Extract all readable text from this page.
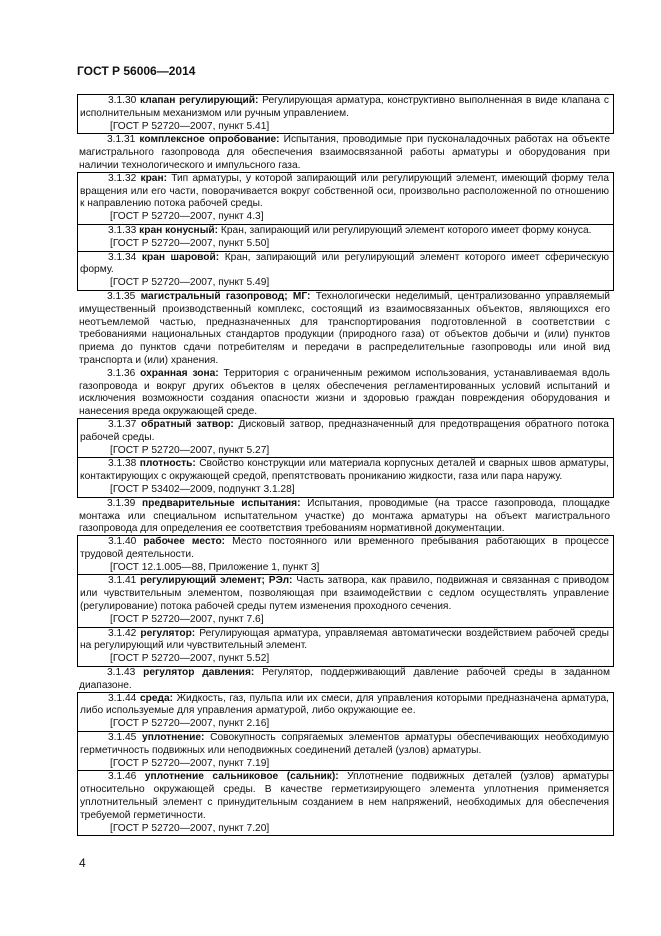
ГОСТ Р 56006—2014

3.1.30 клапан регулирующий: Регулирующая арматура, конструктивно выполненная в виде клапана с исполнительным механизмом или ручным управлением.

[ГОСТ Р 52720—2007, пункт 5.41]

3.1.31 комплексное опробование: Испытания, проводимые при пусконаладочных работах на объекте магистрального газопровода для обеспечения взаимосвязанной работы арматуры и оборудования при наличии технологического и импульсного газа.

3.1.32 кран: Тип арматуры, у которой запирающий или регулирующий элемент, имеющий форму тела вращения или его части, поворачивается вокруг собственной оси, произвольно расположенной по отношению к направлению потока рабочей среды.

[ГОСТ Р 52720—2007, пункт 4.3]

3.1.33 кран конусный: Кран, запирающий или регулирующий элемент которого имеет форму конуса.

[ГОСТ Р 52720—2007, пункт 5.50]

3.1.34 кран шаровой: Кран, запирающий или регулирующий элемент которого имеет сферическую форму.

[ГОСТ Р 52720—2007, пункт 5.49]

3.1.35 магистральный газопровод; МГ: Технологически неделимый, централизованно управляемый имущественный производственный комплекс, состоящий из взаимосвязанных объектов, являющихся его неотъемлемой частью, предназначенных для транспортирования подготовленной в соответствии с требованиями национальных стандартов продукции (природного газа) от объектов добычи и (или) пунктов приема до пунктов сдачи потребителям и передачи в распределительные газопроводы или иной вид транспорта и (или) хранения.

3.1.36 охранная зона: Территория с ограниченным режимом использования, устанавливаемая вдоль газопровода и вокруг других объектов в целях обеспечения регламентированных условий испытаний и исключения возможности создания опасности жизни и здоровью граждан повреждения оборудования и нанесения вреда окружающей среде.

3.1.37 обратный затвор: Дисковый затвор, предназначенный для предотвращения обратного потока рабочей среды.

[ГОСТ Р 52720—2007, пункт 5.27]

3.1.38 плотность: Свойство конструкции или материала корпусных деталей и сварных швов арматуры, контактирующих с окружающей средой, препятствовать прониканию жидкости, газа или пара наружу.

[ГОСТ Р 53402—2009, подпункт 3.1.28]

3.1.39 предварительные испытания: Испытания, проводимые (на трассе газопровода, площадке монтажа или специальном испытательном участке) до монтажа арматуры на объект магистрального газопровода для определения ее соответствия требованиям нормативной документации.

3.1.40 рабочее место: Место постоянного или временного пребывания работающих в процессе трудовой деятельности.

[ГОСТ 12.1.005—88, Приложение 1, пункт 3]

3.1.41 регулирующий элемент; РЭл: Часть затвора, как правило, подвижная и связанная с приводом или чувствительным элементом, позволяющая при взаимодействии с седлом осуществлять управление (регулирование) потока рабочей среды путем изменения проходного сечения.

[ГОСТ Р 52720—2007, пункт 7.6]

3.1.42 регулятор: Регулирующая арматура, управляемая автоматически воздействием рабочей среды на регулирующий или чувствительный элемент.

[ГОСТ Р 52720—2007, пункт 5.52]

3.1.43 регулятор давления: Регулятор, поддерживающий давление рабочей среды в заданном диапазоне.

3.1.44 среда: Жидкость, газ, пульпа или их смеси, для управления которыми предназначена арматура, либо используемые для управления арматурой, либо окружающие ее.

[ГОСТ Р 52720—2007, пункт 2.16]

3.1.45 уплотнение: Совокупность сопрягаемых элементов арматуры обеспечивающих необходимую герметичность подвижных или неподвижных соединений деталей (узлов) арматуры.

[ГОСТ Р 52720—2007, пункт 7.19]

3.1.46 уплотнение сальниковое (сальник): Уплотнение подвижных деталей (узлов) арматуры относительно окружающей среды. В качестве герметизирующего элемента уплотнения применяется уплотнительный элемент с принудительным созданием в нем напряжений, необходимых для обеспечения требуемой герметичности.

[ГОСТ Р 52720—2007, пункт 7.20]

4
